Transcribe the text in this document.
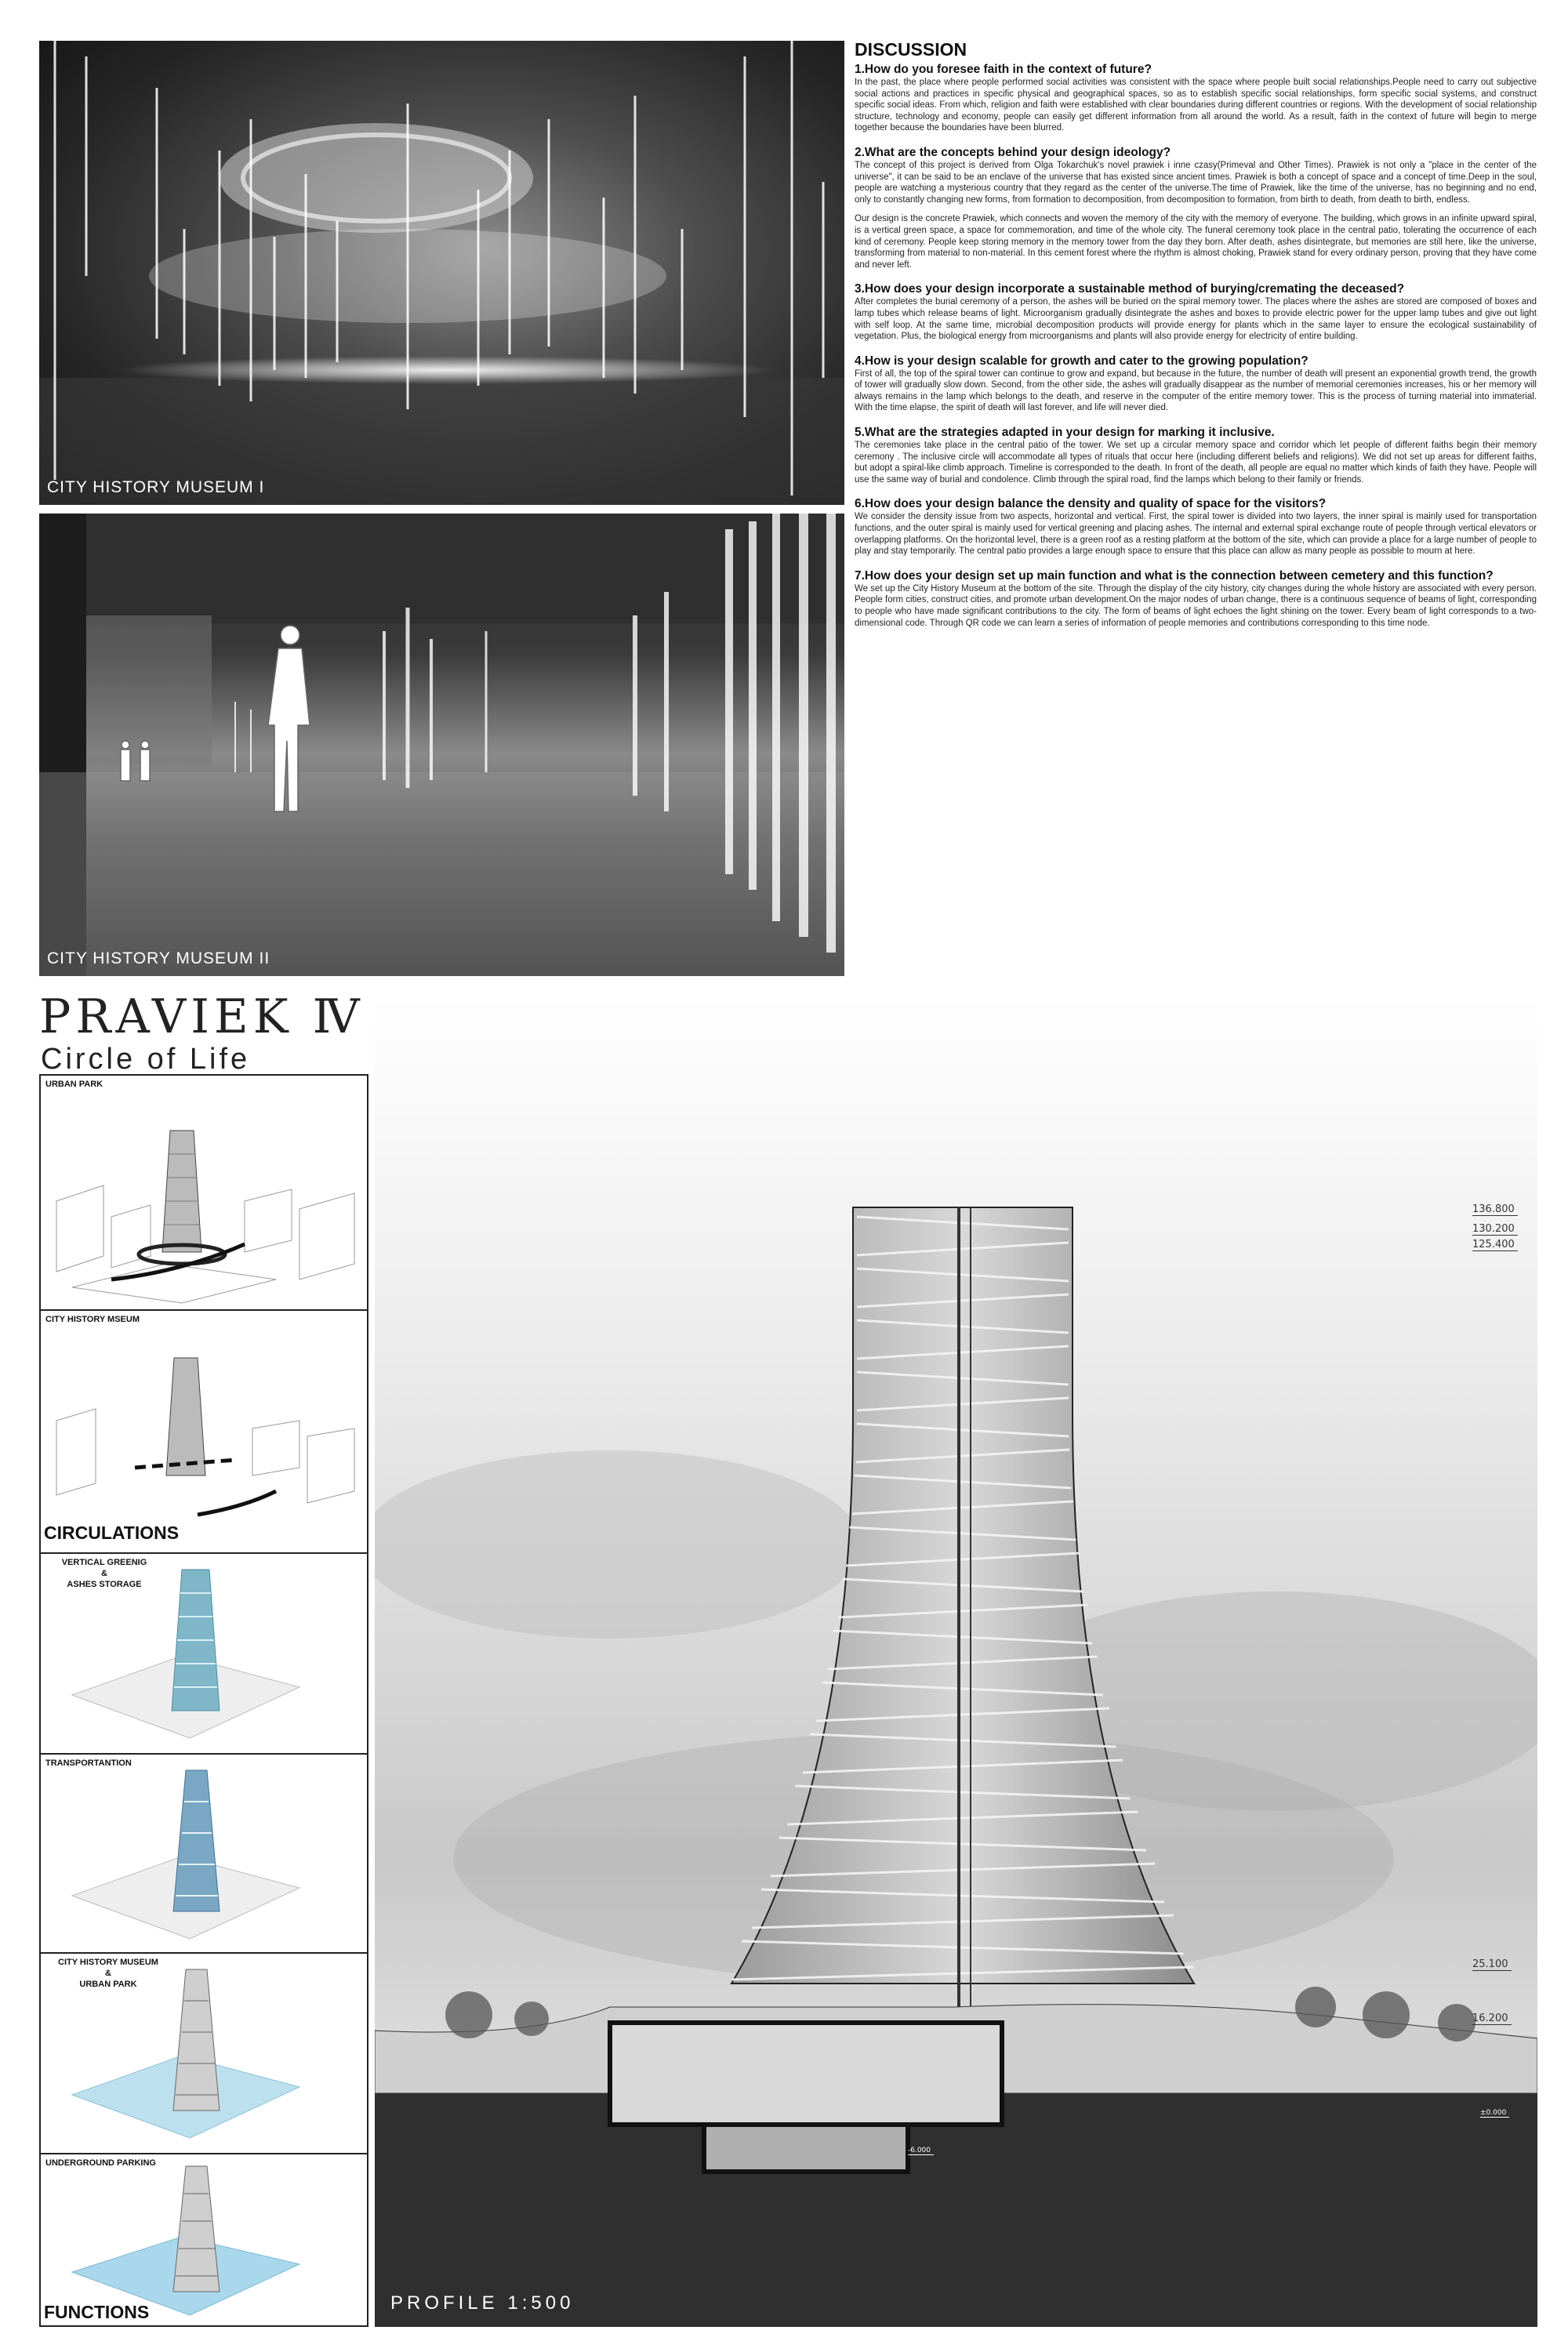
CITY HISTORY MUSEUM I
CITY HISTORY MUSEUM II
DISCUSSION
1.How do you foresee faith in the context of future?

In the past, the place where people performed social activities was consistent with the space where people built social relationships.People need to carry out subjective social actions and practices in specific physical and geographical spaces, so as to establish specific social relationships, form specific social systems, and construct specific social ideas. From which, religion and faith were established with clear boundaries during different countries or regions. With the development of social relationship structure, technology and economy, people can easily get different information from all around the world. As a result, faith in the context of future will begin to merge together because the boundaries have been blurred.

2.What are the concepts behind your design ideology?

The concept of this project is derived from Olga Tokarchuk's novel prawiek i inne czasy(Primeval and Other Times). Prawiek is not only a "place in the center of the universe", it can be said to be an enclave of the universe that has existed since ancient times. Prawiek is both a concept of space and a concept of time.Deep in the soul, people are watching a mysterious country that they regard as the center of the universe.The time of Prawiek, like the time of the universe, has no beginning and no end, only to constantly changing new forms, from formation to decomposition, from decomposition to formation, from birth to death, from death to birth, endless.

Our design is the concrete Prawiek, which connects and woven the memory of the city with the memory of everyone. The building, which grows in an infinite upward spiral, is a vertical green space, a space for commemoration, and time of the whole city. The funeral ceremony took place in the central patio, tolerating the occurrence of each kind of ceremony. People keep storing memory in the memory tower from the day they born. After death, ashes disintegrate, but memories are still here, like the universe, transforming from material to non-material. In this cement forest where the rhythm is almost choking, Prawiek stand for every ordinary person, proving that they have come and never left.

3.How does your design incorporate a sustainable method of burying/cremating the deceased?

After completes the burial ceremony of a person, the ashes will be buried on the spiral memory tower. The places where the ashes are stored are composed of boxes and lamp tubes which release beams of light. Microorganism gradually disintegrate the ashes and boxes to provide electric power for the upper lamp tubes and give out light with self loop. At the same time, microbial decomposition products will provide energy for plants which in the same layer to ensure the ecological sustainability of vegetation. Plus, the biological energy from microorganisms and plants will also provide energy for electricity of entire building.

4.How is your design scalable for growth and cater to the growing population?

First of all, the top of the spiral tower can continue to grow and expand, but because in the future, the number of death will present an exponential growth trend, the growth of tower will gradually slow down. Second, from the other side, the ashes will gradually disappear as the number of memorial ceremonies increases, his or her memory will always remains in the lamp which belongs to the death, and reserve in the computer of the entire memory tower. This is the process of turning material into immaterial. With the time elapse, the spirit of death will last forever, and life will never died.

5.What are the strategies adapted in your design for marking it inclusive.

The ceremonies take place in the central patio of the tower. We set up a circular memory space and corridor which let people of different faiths begin their memory ceremony . The inclusive circle will accommodate all types of rituals that occur here (including different beliefs and religions). We did not set up areas for different faiths, but adopt a spiral-like climb approach. Timeline is corresponded to the death. In front of the death, all people are equal no matter which kinds of faith they have. People will use the same way of burial and condolence. Climb through the spiral road, find the lamps which belong to their family or friends.

6.How does your design balance the density and quality of space for the visitors?

We consider the density issue from two aspects, horizontal and vertical. First, the spiral tower is divided into two layers, the inner spiral is mainly used for transportation functions, and the outer spiral is mainly used for vertical greening and placing ashes. The internal and external spiral exchange route of people through vertical elevators or overlapping platforms. On the horizontal level, there is a green roof as a resting platform at the bottom of the site, which can provide a place for a large number of people to play and stay temporarily. The central patio provides a large enough space to ensure that this place can allow as many people as possible to mourn at here.

7.How does your design set up main function and what is the connection between cemetery and this function?

We set up the City History Museum at the bottom of the site. Through the display of the city history, city changes during the whole history are associated with every person. People form cities, construct cities, and promote urban development.On the major nodes of urban change, there is a continuous sequence of beams of light, corresponding to people who have made significant contributions to the city. The form of beams of light echoes the light shining on the tower. Every beam of light corresponds to a two-dimensional code. Through QR code we can learn a series of information of people memories and contributions corresponding to this time node.

PRAVIEK Ⅳ
Circle of Life
URBAN PARK
CITY HISTORY MSEUM
CIRCULATIONS
VERTICAL GREENIG
&
ASHES STORAGE
TRANSPORTANTION
CITY HISTORY MUSEUM
&
URBAN PARK
UNDERGROUND PARKING
FUNCTIONS
136.800
130.200
125.400
25.100
16.200
±0.000
-6.000
PROFILE 1:500
